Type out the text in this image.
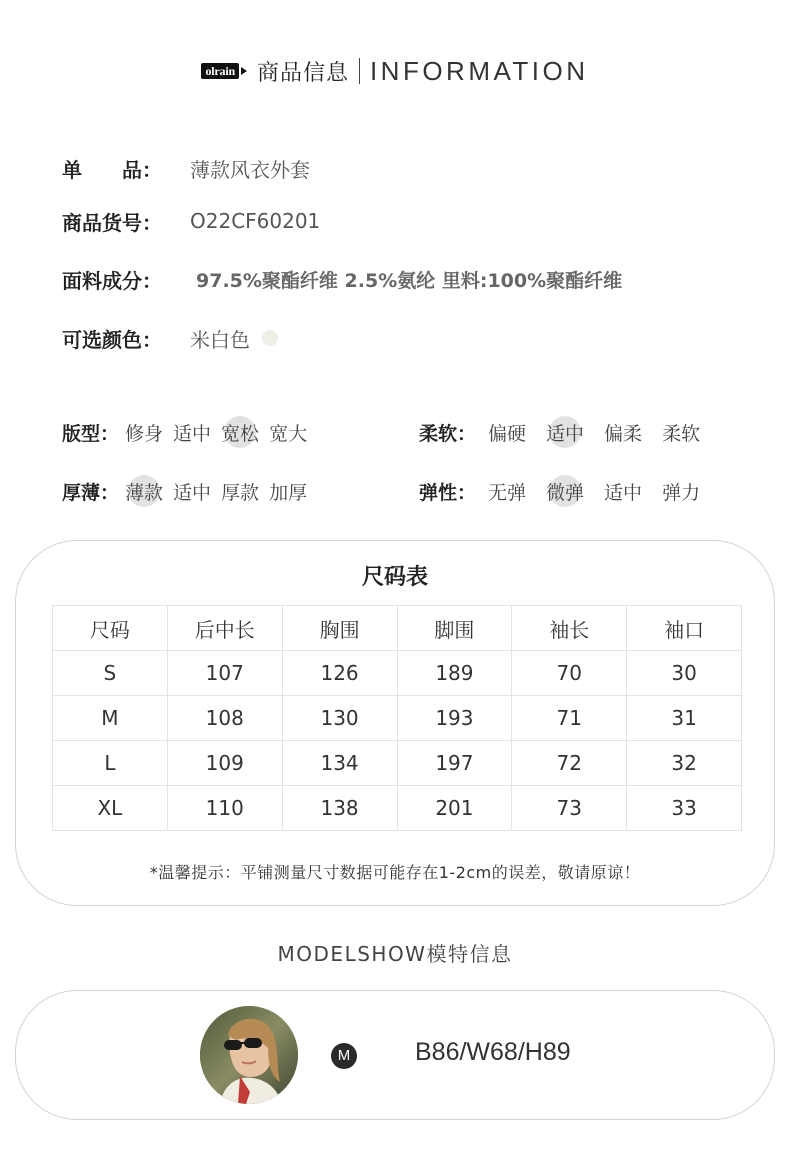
olrain 商品信息 INFORMATION
单　　品：	薄款风衣外套
商品货号：	O22CF60201
面料成分：	97.5%聚酯纤维 2.5%氨纶 里料:100%聚酯纤维
可选颜色：	米白色
版型： 修身 适中 宽松 宽大	柔软： 偏硬 适中 偏柔 柔软
厚薄： 薄款 适中 厚款 加厚	弹性： 无弹 微弹 适中 弹力
尺码表
尺码	后中长	胸围	脚围	袖长	袖口
S	107	126	189	70	30
M	108	130	193	71	31
L	109	134	197	72	32
XL	110	138	201	73	33
*温馨提示：平铺测量尺寸数据可能存在1-2cm的误差，敬请原谅！
MODELSHOW模特信息
M	B86/W68/H89
